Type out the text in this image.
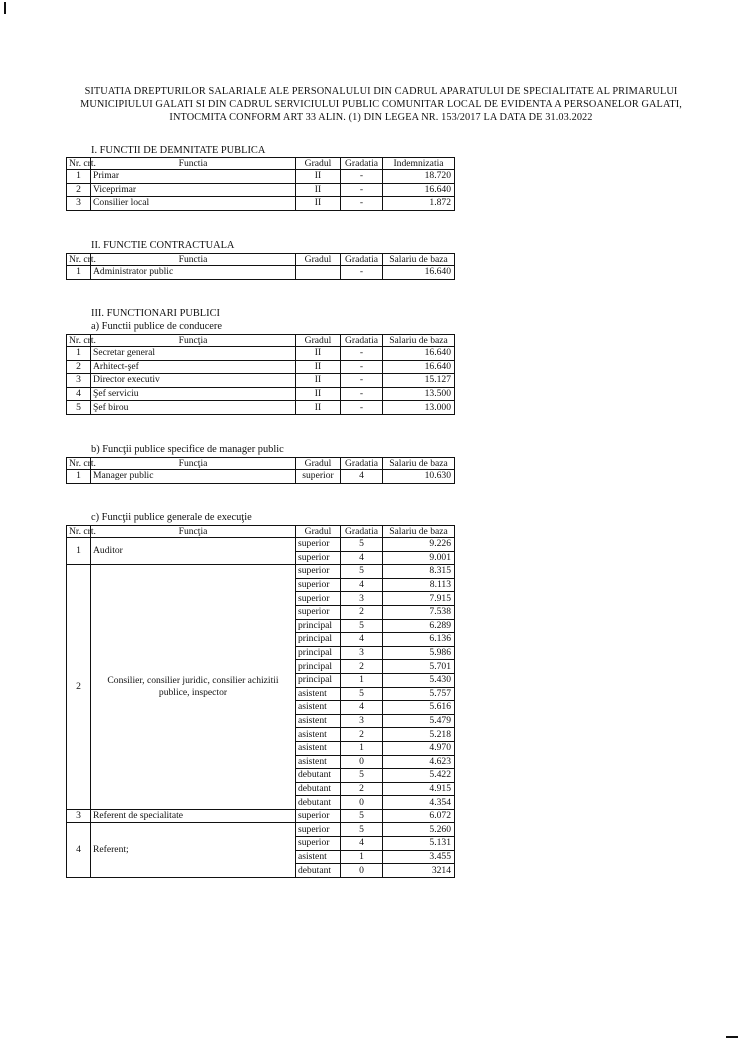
SITUATIA DREPTURILOR SALARIALE ALE PERSONALULUI DIN CADRUL APARATULUI DE SPECIALITATE AL PRIMARULUI MUNICIPIULUI GALATI SI DIN CADRUL SERVICIULUI PUBLIC COMUNITAR LOCAL DE EVIDENTA A PERSOANELOR GALATI, INTOCMITA CONFORM ART 33 ALIN. (1) DIN LEGEA NR. 153/2017 LA DATA DE 31.03.2022
I. FUNCTII DE DEMNITATE PUBLICA
Nr. crt.	Functia	Gradul	Gradatia	Indemnizatia
1	Primar	II	-	18.720
2	Viceprimar	II	-	16.640
3	Consilier local	II	-	1.872
II. FUNCTIE CONTRACTUALA
Nr. crt.	Functia	Gradul	Gradatia	Salariu de baza
1	Administrator public		-	16.640
III. FUNCTIONARI PUBLICI
a) Functii publice de conducere
Nr. crt.	Funcţia	Gradul	Gradatia	Salariu de baza
1	Secretar general	II	-	16.640
2	Arhitect-şef	II	-	16.640
3	Director executiv	II	-	15.127
4	Şef serviciu	II	-	13.500
5	Şef birou	II	-	13.000
b) Funcţii publice specifice de manager public
Nr. crt.	Funcţia	Gradul	Gradatia	Salariu de baza
1	Manager public	superior	4	10.630
c) Funcţii publice generale de execuţie
Nr. crt.	Funcţia	Gradul	Gradatia	Salariu de baza
1	Auditor	superior	5	9.226
		superior	4	9.001
2	Consilier, consilier juridic, consilier achizitii publice, inspector	superior	5	8.315
		superior	4	8.113
		superior	3	7.915
		superior	2	7.538
		principal	5	6.289
		principal	4	6.136
		principal	3	5.986
		principal	2	5.701
		principal	1	5.430
		asistent	5	5.757
		asistent	4	5.616
		asistent	3	5.479
		asistent	2	5.218
		asistent	1	4.970
		asistent	0	4.623
		debutant	5	5.422
		debutant	2	4.915
		debutant	0	4.354
3	Referent de specialitate	superior	5	6.072
4	Referent;	superior	5	5.260
		superior	4	5.131
		asistent	1	3.455
		debutant	0	3214
